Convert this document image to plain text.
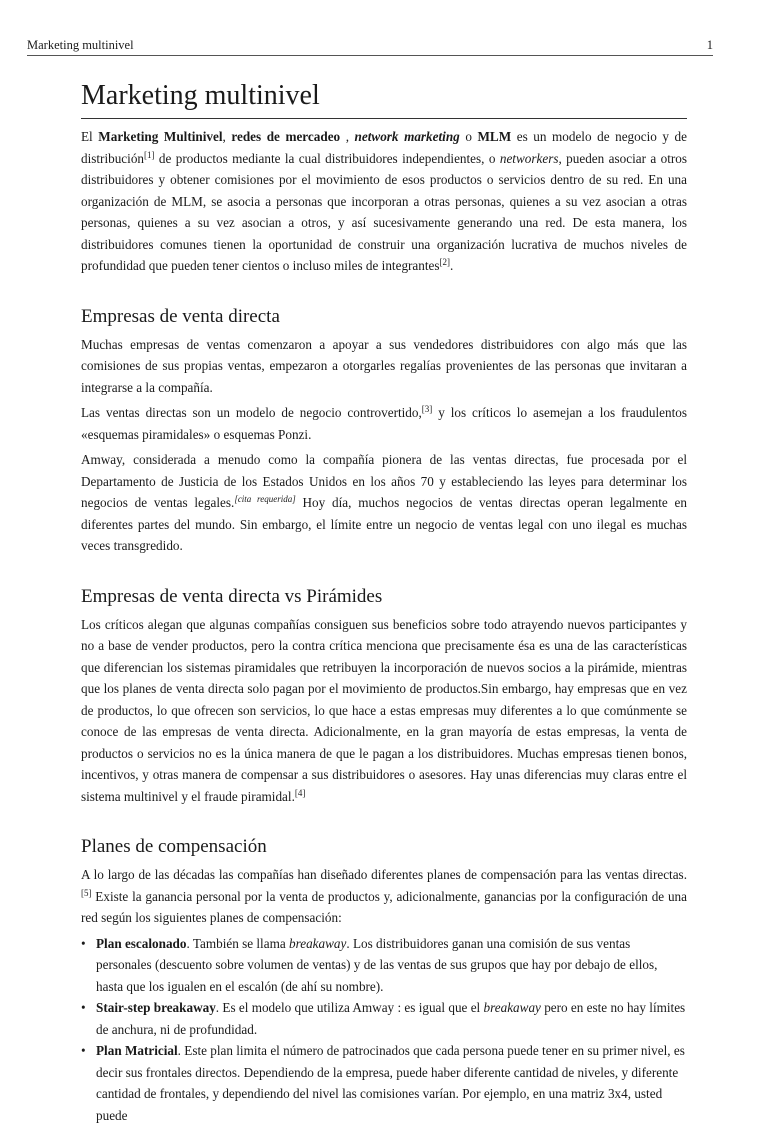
Marketing multinivel	1
Marketing multinivel

El Marketing Multinivel, redes de mercadeo , network marketing o MLM es un modelo de negocio y de distribución[1] de productos mediante la cual distribuidores independientes, o networkers, pueden asociar a otros distribuidores y obtener comisiones por el movimiento de esos productos o servicios dentro de su red. En una organización de MLM, se asocia a personas que incorporan a otras personas, quienes a su vez asocian a otras personas, quienes a su vez asocian a otros, y así sucesivamente generando una red. De esta manera, los distribuidores comunes tienen la oportunidad de construir una organización lucrativa de muchos niveles de profundidad que pueden tener cientos o incluso miles de integrantes[2].

Empresas de venta directa

Muchas empresas de ventas comenzaron a apoyar a sus vendedores distribuidores con algo más que las comisiones de sus propias ventas, empezaron a otorgarles regalías provenientes de las personas que invitaran a integrarse a la compañía.

Las ventas directas son un modelo de negocio controvertido,[3] y los críticos lo asemejan a los fraudulentos «esquemas piramidales» o esquemas Ponzi.

Amway, considerada a menudo como la compañía pionera de las ventas directas, fue procesada por el Departamento de Justicia de los Estados Unidos en los años 70 y estableciendo las leyes para determinar los negocios de ventas legales.[cita requerida] Hoy día, muchos negocios de ventas directas operan legalmente en diferentes partes del mundo. Sin embargo, el límite entre un negocio de ventas legal con uno ilegal es muchas veces transgredido.

Empresas de venta directa vs Pirámides

Los críticos alegan que algunas compañías consiguen sus beneficios sobre todo atrayendo nuevos participantes y no a base de vender productos, pero la contra crítica menciona que precisamente ésa es una de las características que diferencian los sistemas piramidales que retribuyen la incorporación de nuevos socios a la pirámide, mientras que los planes de venta directa solo pagan por el movimiento de productos.Sin embargo, hay empresas que en vez de productos, lo que ofrecen son servicios, lo que hace a estas empresas muy diferentes a lo que comúnmente se conoce de las empresas de venta directa. Adicionalmente, en la gran mayoría de estas empresas, la venta de productos o servicios no es la única manera de que le pagan a los distribuidores. Muchas empresas tienen bonos, incentivos, y otras manera de compensar a sus distribuidores o asesores. Hay unas diferencias muy claras entre el sistema multinivel y el fraude piramidal.[4]

Planes de compensación

A lo largo de las décadas las compañías han diseñado diferentes planes de compensación para las ventas directas.[5] Existe la ganancia personal por la venta de productos y, adicionalmente, ganancias por la configuración de una red según los siguientes planes de compensación:

• Plan escalonado. También se llama breakaway. Los distribuidores ganan una comisión de sus ventas personales (descuento sobre volumen de ventas) y de las ventas de sus grupos que hay por debajo de ellos, hasta que los igualen en el escalón (de ahí su nombre).
• Stair-step breakaway. Es el modelo que utiliza Amway : es igual que el breakaway pero en este no hay límites de anchura, ni de profundidad.
• Plan Matricial. Este plan limita el número de patrocinados que cada persona puede tener en su primer nivel, es decir sus frontales directos. Dependiendo de la empresa, puede haber diferente cantidad de niveles, y diferente cantidad de frontales, y dependiendo del nivel las comisiones varían. Por ejemplo, en una matriz 3x4, usted puede
